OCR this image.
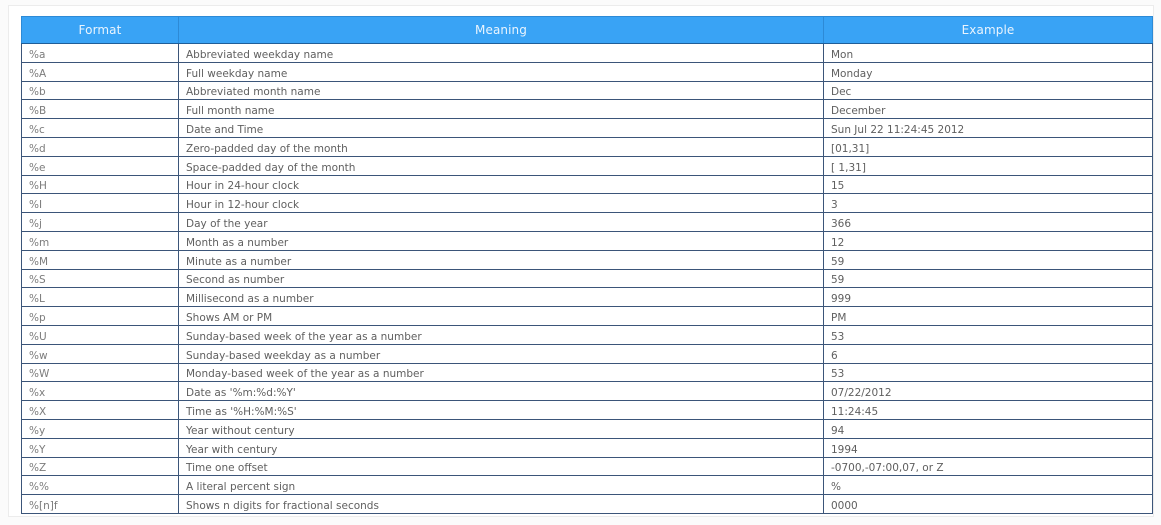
Format	Meaning	Example
%a	Abbreviated weekday name	Mon
%A	Full weekday name	Monday
%b	Abbreviated month name	Dec
%B	Full month name	December
%c	Date and Time	Sun Jul 22 11:24:45 2012
%d	Zero-padded day of the month	[01,31]
%e	Space-padded day of the month	[ 1,31]
%H	Hour in 24-hour clock	15
%I	Hour in 12-hour clock	3
%j	Day of the year	366
%m	Month as a number	12
%M	Minute as a number	59
%S	Second as number	59
%L	Millisecond as a number	999
%p	Shows AM or PM	PM
%U	Sunday-based week of the year as a number	53
%w	Sunday-based weekday as a number	6
%W	Monday-based week of the year as a number	53
%x	Date as '%m:%d:%Y'	07/22/2012
%X	Time as '%H:%M:%S'	11:24:45
%y	Year without century	94
%Y	Year with century	1994
%Z	Time one offset	-0700,-07:00,07, or Z
%%	A literal percent sign	%
%[n]f	Shows n digits for fractional seconds	0000
